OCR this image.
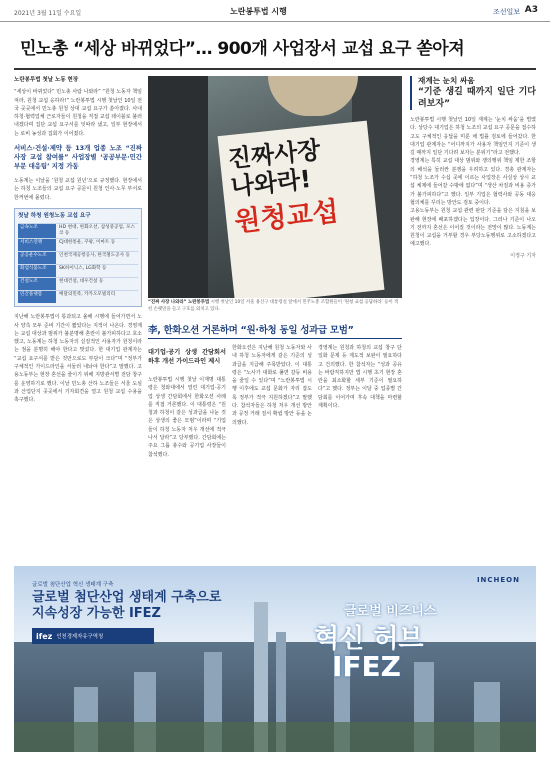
2021년 3월 11일 수요일	노란봉투법 시행	조선일보 A3
민노총 “세상 바뀌었다”… 900개 사업장서 교섭 요구 쏟아져
노란봉투법 첫날 노동 현장

“세상이 바뀌었다” 민노총 사람 나와라” “원청 노동자 책임져라, 원청 교섭 응하라!” 노란봉투법 시행 첫날인 10일 전국 곳곳에서 민노총 원청 상대 교섭 요구가 쏟아졌다. 사내하청·협력업체 근로자들이 원청을 직접 교섭 테이블로 불러내겠다며 집단 교섭 요구서를 잇따라 냈고, 일부 현장에서는 로비 농성과 집회가 이어졌다.

서비스·건설·제약 등 13개 업종 노조 “진짜 사장 교섭 참여를” 사업장별 ‘공공부문·민간부문 대응팀’ 지정 가동

노동계는 이날을 ‘원청 교섭 원년’으로 규정했다. 현장에서는 하청 노조들의 교섭 요구 공문이 원청 인사·노무 부서로 한꺼번에 몰렸다.

첫날 하청 원청노동 교섭 요구
금속노조	HD 현대, 한화오션, 삼성중공업, 포스코 등
서비스연맹	CJ대한통운, 쿠팡, 이마트 등
공공운수노조	인천국제공항공사, 한국철도공사 등
화섬식품노조	SK하이닉스, LG화학 등
건설노조	현대건설, 대우건설 등
민간플랫폼	배달의민족, 카카오모빌리티

지난해 노란봉투법이 통과되고 올해 시행에 들어가면서 노사 양측 모두 준비 기간이 짧았다는 지적이 나온다. 경영계는 교섭 대상과 범위가 불분명해 혼란이 불가피하다고 호소했고, 노동계는 하청 노동자의 실질적인 사용자가 원청이라는 점을 분명히 해야 한다고 맞섰다. 한 대기업 관계자는 “교섭 요구서를 받은 것만으로도 부담이 크다”며 “정부가 구체적인 가이드라인을 서둘러 내놔야 한다”고 말했다. 고용노동부는 현장 혼선을 줄이기 위해 지방관서별 전담 창구를 운영하기로 했다. 이날 민노총 산하 노조들은 서울 도심과 산업단지 곳곳에서 기자회견을 열고 원청 교섭 수용을 촉구했다.

진짜사장
나와라!
원청교섭
“진짜 사장 나와라” 노란봉투법 시행 첫날인 10일 서울 용산구 대통령실 앞에서 민주노총 조합원들이 ‘원청 교섭 응답하라’ 등이 적힌 손팻말을 들고 구호를 외치고 있다.
李, 한화오션 거론하며 “원·하청 동일 성과급 모범”
대기업·공기 상생 간담회서 하후 개선 가이드라인 제시

노란봉투법 시행 첫날 이재명 대통령은 청와대에서 열린 대기업·공기업 상생 간담회에서 한화오션 사례를 직접 거론했다. 이 대통령은 “원청과 하청이 같은 성과급을 나눈 것은 상생의 좋은 모범”이라며 “기업들이 하청 노동자 처우 개선에 적극 나서 달라”고 당부했다. 간담회에는 주요 그룹 총수와 공기업 사장들이 참석했다.

한화오션은 지난해 원청 노동자와 사내 하청 노동자에게 같은 기준의 성과급을 지급해 주목받았다. 이 대통령은 “노사가 대화로 풀면 갈등 비용을 줄일 수 있다”며 “노란봉투법 시행 이후에도 교섭 문화가 자리 잡도록 정부가 적극 지원하겠다”고 말했다. 참석자들은 하청 처우 개선 방안과 공정 거래 질서 확립 방안 등을 논의했다.

경영계는 원청과 하청의 교섭 창구 단일화 문제 등 제도적 보완이 필요하다고 건의했다. 한 참석자는 “성과 공유는 바람직하지만 법 시행 초기 현장 혼란을 최소화할 세부 기준이 필요하다”고 했다. 정부는 이달 중 업종별 간담회를 이어가며 후속 대책을 마련할 계획이다.

재계는 눈치 싸움
“기준 생길 때까지 일단 기다려보자”

노란봉투법 시행 첫날인 10일 재계는 ‘눈치 싸움’을 벌였다. 상당수 대기업은 하청 노조의 교섭 요구 공문을 접수하고도 구체적인 응답을 미룬 채 법률 검토에 들어갔다. 한 대기업 관계자는 “어디까지가 사용자 책임인지 기준이 생길 때까지 일단 기다려 보자는 분위기”라고 전했다.

경영계는 특히 교섭 대상 범위와 쟁의행위 책임 제한 조항의 해석을 둘러싼 분쟁을 우려하고 있다. 경총 관계자는 “하청 노조가 수십 곳에 이르는 사업장은 사실상 상시 교섭 체제에 들어갈 수밖에 없다”며 “생산 차질과 비용 증가가 불가피하다”고 했다. 일부 기업은 협력사와 공동 대응 협의체를 꾸리는 방안도 검토 중이다.

고용노동부는 원청 교섭 관련 판단 기준을 담은 지침을 보완해 현장에 배포하겠다는 입장이다. 그러나 기준이 나오기 전까지 혼선은 이어질 것이라는 전망이 많다. 노동계는 원청이 교섭을 거부할 경우 부당노동행위로 고소하겠다고 예고했다.

이정구 기자
글로벌 첨단산업 혁신 생태계 구축
글로벌 첨단산업 생태계 구축으로
지속성장 가능한 IFEZ
ifez 인천경제자유구역청
INCHEON
글로벌 비즈니스
혁신 허브
IFEZ
